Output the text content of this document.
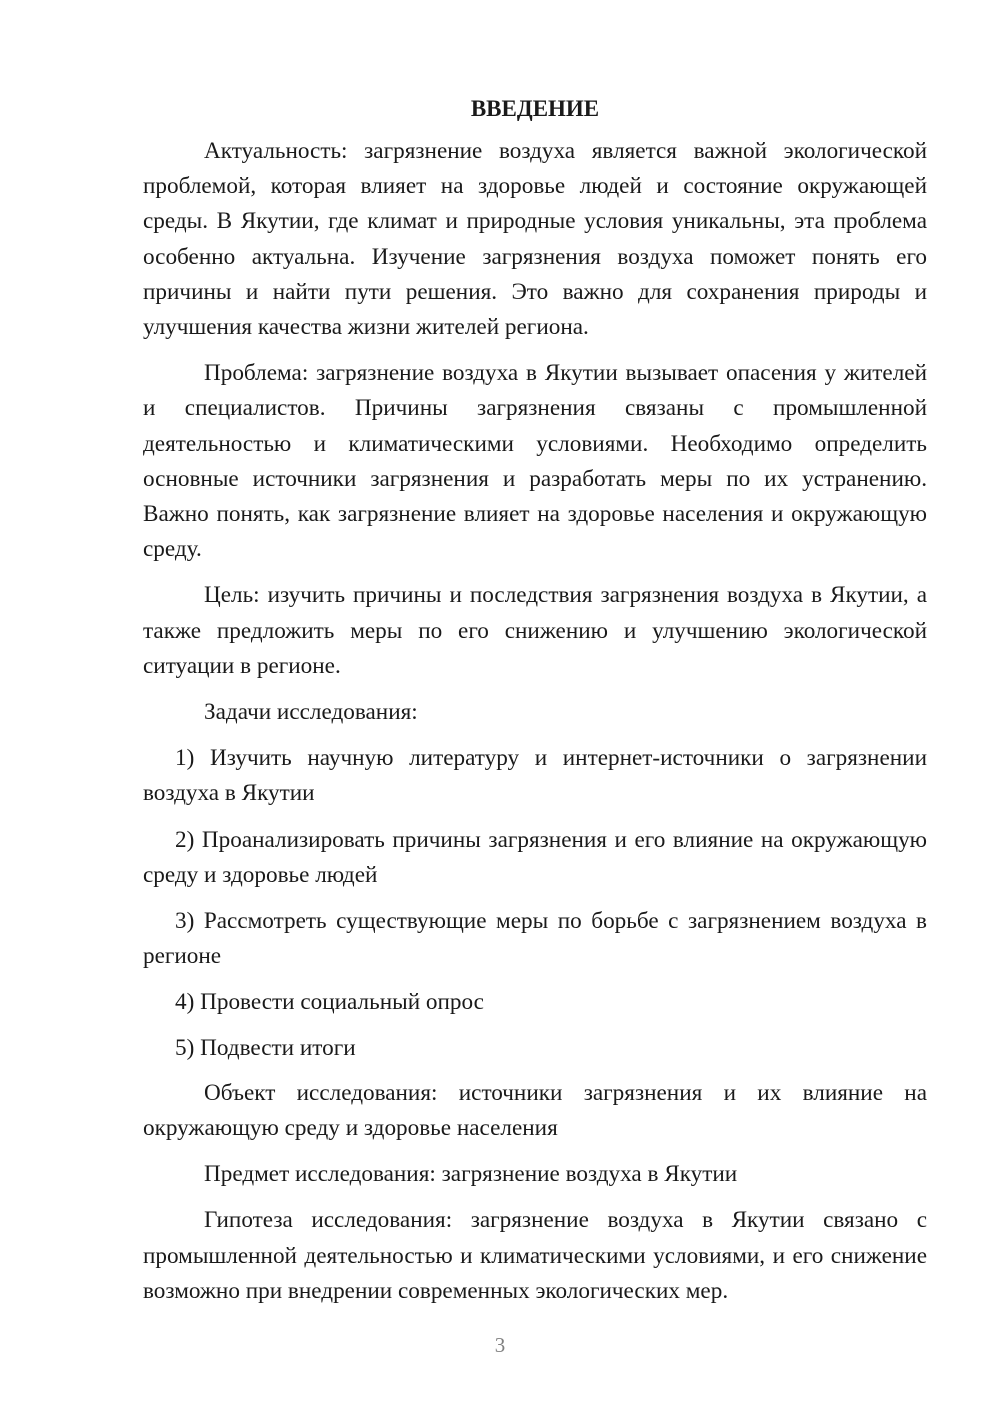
ВВЕДЕНИЕ

Актуальность: загрязнение воздуха является важной экологической проблемой, которая влияет на здоровье людей и состояние окружающей среды. В Якутии, где климат и природные условия уникальны, эта проблема особенно актуальна. Изучение загрязнения воздуха поможет понять его причины и найти пути решения. Это важно для сохранения природы и улучшения качества жизни жителей региона.

Проблема: загрязнение воздуха в Якутии вызывает опасения у жителей и специалистов. Причины загрязнения связаны с промышленной деятельностью и климатическими условиями. Необходимо определить основные источники загрязнения и разработать меры по их устранению. Важно понять, как загрязнение влияет на здоровье населения и окружающую среду.

Цель: изучить причины и последствия загрязнения воздуха в Якутии, а также предложить меры по его снижению и улучшению экологической ситуации в регионе.

Задачи исследования:

1) Изучить научную литературу и интернет-источники о загрязнении воздуха в Якутии

2) Проанализировать причины загрязнения и его влияние на окружающую среду и здоровье людей

3) Рассмотреть существующие меры по борьбе с загрязнением воздуха в регионе

4) Провести социальный опрос

5) Подвести итоги

Объект исследования: источники загрязнения и их влияние на окружающую среду и здоровье населения

Предмет исследования: загрязнение воздуха в Якутии

Гипотеза исследования: загрязнение воздуха в Якутии связано с промышленной деятельностью и климатическими условиями, и его снижение возможно при внедрении современных экологических мер.

3
